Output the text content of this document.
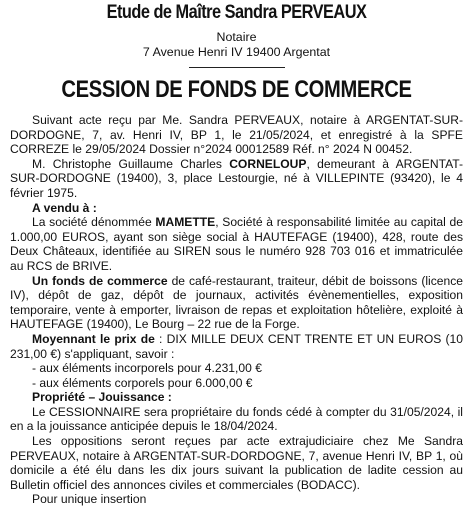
Etude de Maître Sandra PERVEAUX
Notaire
7 Avenue Henri IV 19400 Argentat
CESSION DE FONDS DE COMMERCE

Suivant acte reçu par Me. Sandra PERVEAUX, notaire à ARGENTAT-SUR-DORDOGNE, 7, av. Henri IV, BP 1, le 21/05/2024, et enregistré à la SPFE CORREZE le 29/05/2024 Dossier n°2024 00012589 Réf. n° 2024 N 00452.

M. Christophe Guillaume Charles CORNELOUP, demeurant à ARGENTAT-SUR-DORDOGNE (19400), 3, place Lestourgie, né à VILLEPINTE (93420), le 4 février 1975.

A vendu à :

La société dénommée MAMETTE, Société à responsabilité limitée au capital de 1.000,00 EUROS, ayant son siège social à HAUTEFAGE (19400), 428, route des Deux Châteaux, identifiée au SIREN sous le numéro 928 703 016 et immatriculée au RCS de BRIVE.

Un fonds de commerce de café-restaurant, traiteur, débit de boissons (licence IV), dépôt de gaz, dépôt de journaux, activités évènementielles, exposition temporaire, vente à emporter, livraison de repas et exploitation hôtelière, exploité à HAUTEFAGE (19400), Le Bourg – 22 rue de la Forge.

Moyennant le prix de : DIX MILLE DEUX CENT TRENTE ET UN EUROS (10 231,00 €) s'appliquant, savoir :

- aux éléments incorporels pour 4.231,00 €

- aux éléments corporels pour 6.000,00 €

Propriété – Jouissance :

Le CESSIONNAIRE sera propriétaire du fonds cédé à compter du 31/05/2024, il en a la jouissance anticipée depuis le 18/04/2024.

Les oppositions seront reçues par acte extrajudiciaire chez Me Sandra PERVEAUX, notaire à ARGENTAT-SUR-DORDOGNE, 7, avenue Henri IV, BP 1, où domicile a été élu dans les dix jours suivant la publication de ladite cession au Bulletin officiel des annonces civiles et commerciales (BODACC).

Pour unique insertion
